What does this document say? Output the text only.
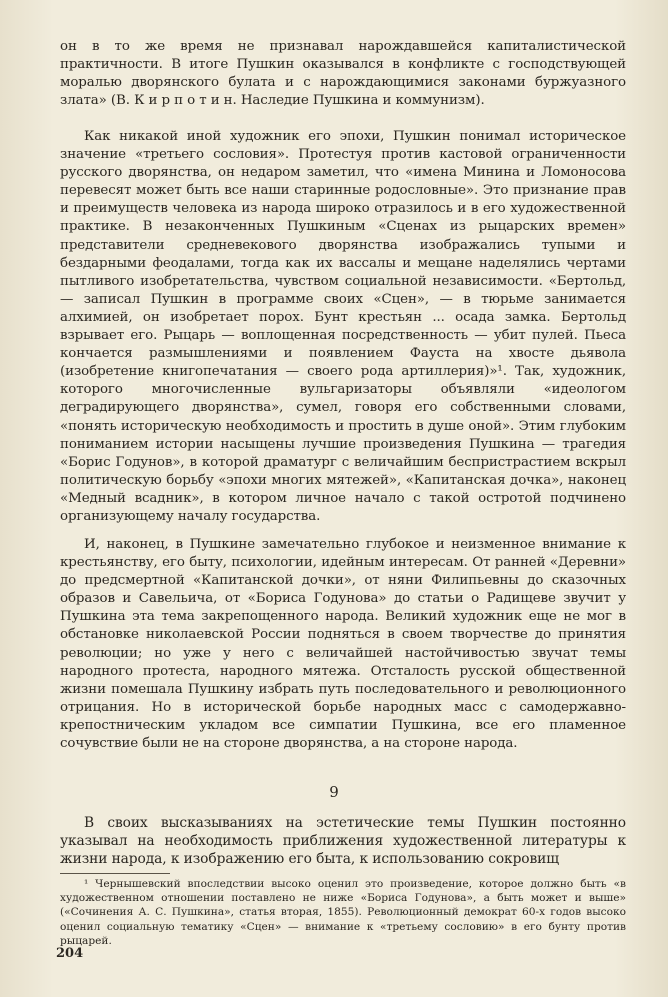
он в то же время не признавал нарождавшейся капиталистической практичности. В итоге Пушкин оказывался в конфликте с господствующей моралью дворянского булата и с нарождающимися законами буржуазного злата» (В. К и р п о т и н. Наследие Пушкина и коммунизм).

Как никакой иной художник его эпохи, Пушкин понимал историческое значение «третьего сословия». Протестуя против кастовой ограниченности русского дворянства, он недаром заметил, что «имена Минина и Ломоносова перевесят может быть все наши старинные родословные». Это признание прав и преимуществ человека из народа широко отразилось и в его художественной практике. В незаконченных Пушкиным «Сценах из рыцарских времен» представители средневекового дворянства изображались тупыми и бездарными феодалами, тогда как их вассалы и мещане наделялись чертами пытливого изобретательства, чувством социальной независимости. «Бертольд, — записал Пушкин в программе своих «Сцен», — в тюрьме занимается алхимией, он изобретает порох. Бунт крестьян ... осада замка. Бертольд взрывает его. Рыцарь — воплощенная посредственность — убит пулей. Пьеса кончается размышлениями и появлением Фауста на хвосте дьявола (изобретение книгопечатания — своего рода артиллерия)»¹. Так, художник, которого многочисленные вульгаризаторы объявляли «идеологом деградирующего дворянства», сумел, говоря его собственными словами, «понять историческую необходимость и простить в душе оной». Этим глубоким пониманием истории насыщены лучшие произведения Пушкина — трагедия «Борис Годунов», в которой драматург с величайшим беспристрастием вскрыл политическую борьбу «эпохи многих мятежей», «Капитанская дочка», наконец «Медный всадник», в котором личное начало с такой остротой подчинено организующему началу государства.

И, наконец, в Пушкине замечательно глубокое и неизменное внимание к крестьянству, его быту, психологии, идейным интересам. От ранней «Деревни» до предсмертной «Капитанской дочки», от няни Филипьевны до сказочных образов и Савельича, от «Бориса Годунова» до статьи о Радищеве звучит у Пушкина эта тема закрепощенного народа. Великий художник еще не мог в обстановке николаевской России подняться в своем творчестве до принятия революции; но уже у него с величайшей настойчивостью звучат темы народного протеста, народного мятежа. Отсталость русской общественной жизни помешала Пушкину избрать путь последовательного и революционного отрицания. Но в исторической борьбе народных масс с самодержавно-крепостническим укладом все симпатии Пушкина, все его пламенное сочувствие были не на стороне дворянства, а на стороне народа.

9

В своих высказываниях на эстетические темы Пушкин постоянно указывал на необходимость приближения художественной литературы к жизни народа, к изображению его быта, к использованию сокровищ

¹ Чернышевский впоследствии высоко оценил это произведение, которое должно быть «в художественном отношении поставлено не ниже «Бориса Годунова», а быть может и выше» («Сочинения А. С. Пушкина», статья вторая, 1855). Революционный демократ 60-х годов высоко оценил социальную тематику «Сцен» — внимание к «третьему сословию» в его бунту против рыцарей.

204
